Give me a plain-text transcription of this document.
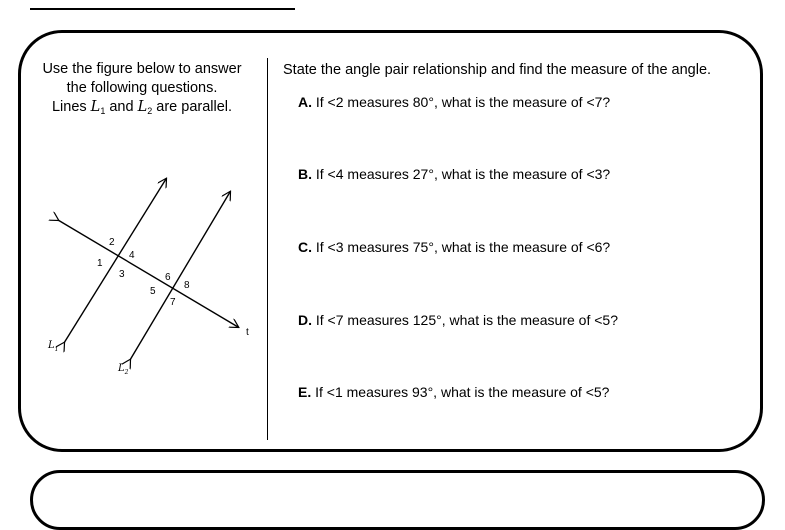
Use the figure below to answer
the following questions.
Lines $L_1$ and $L_2$ are parallel.
1
2
3
4
5
6
7
8
t
$L_1$
$L_2$
State the angle pair relationship and find the measure of the angle.
A. If <2 measures 80°, what is the measure of <7?
B. If <4 measures 27°, what is the measure of <3?
C. If <3 measures 75°, what is the measure of <6?
D. If <7 measures 125°, what is the measure of <5?
E. If <1 measures 93°, what is the measure of <5?
